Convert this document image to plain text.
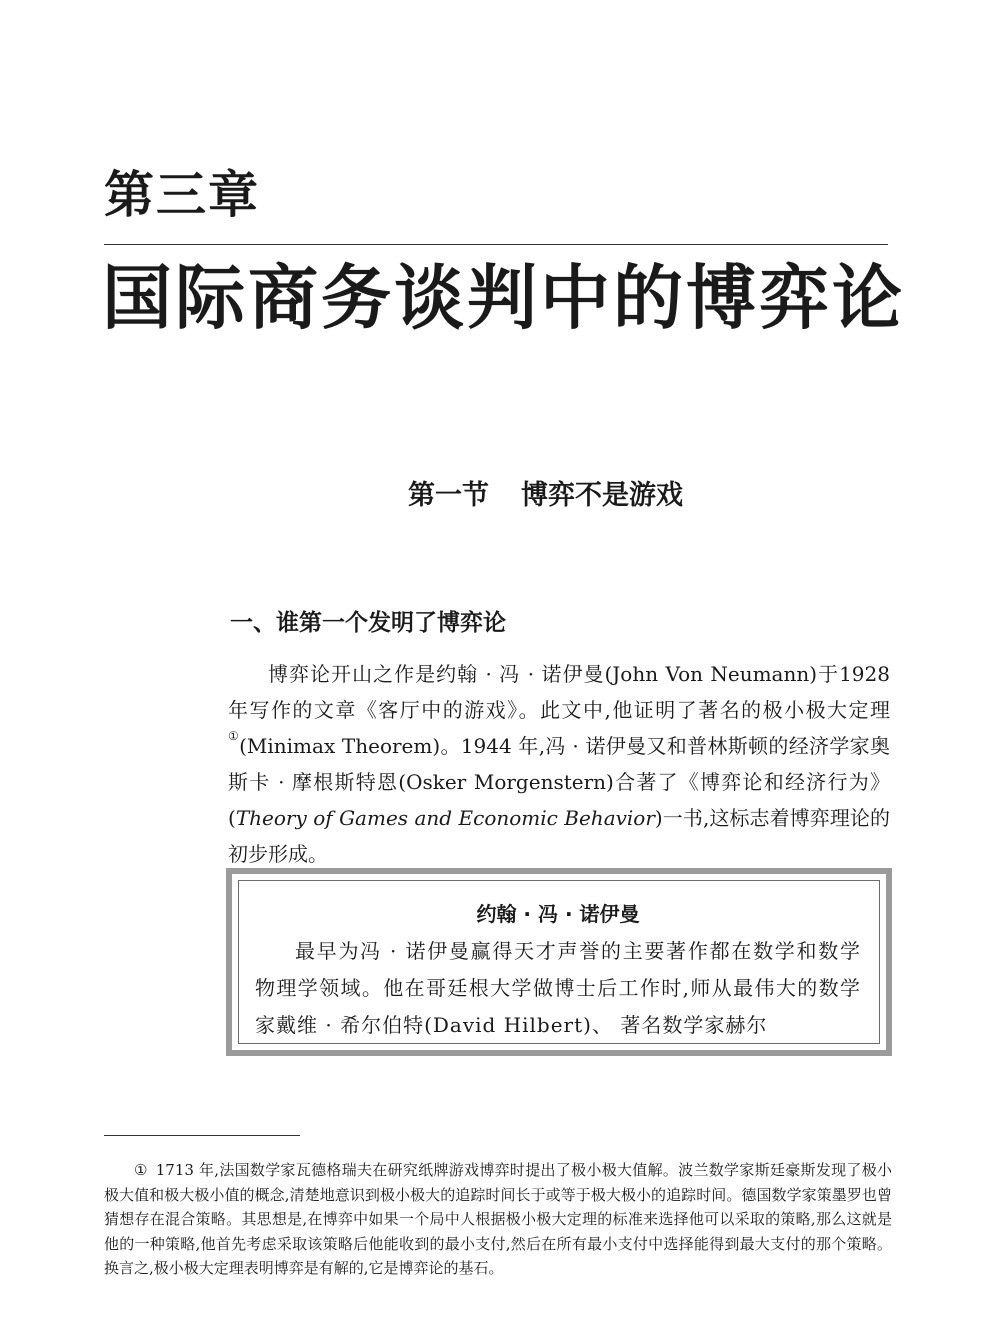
第三章
国际商务谈判中的博弈论
第一节 博弈不是游戏
一、谁第一个发明了博弈论

博弈论开山之作是约翰 · 冯 · 诺伊曼(John Von Neumann)于1928 年写作的文章《客厅中的游戏》。此文中,他证明了著名的极小极大定理①(Minimax Theorem)。1944 年,冯 · 诺伊曼又和普林斯顿的经济学家奥斯卡 · 摩根斯特恩(Osker Morgenstern)合著了《博弈论和经济行为》(Theory of Games and Economic Behavior)一书,这标志着博弈理论的初步形成。

约翰 · 冯 · 诺伊曼

最早为冯 · 诺伊曼赢得天才声誉的主要著作都在数学和数学物理学领域。他在哥廷根大学做博士后工作时,师从最伟大的数学家戴维 · 希尔伯特(David Hilbert)、 著名数学家赫尔

① 1713 年,法国数学家瓦德格瑞夫在研究纸牌游戏博弈时提出了极小极大值解。波兰数学家斯廷豪斯发现了极小极大值和极大极小值的概念,清楚地意识到极小极大的追踪时间长于或等于极大极小的追踪时间。德国数学家策墨罗也曾猜想存在混合策略。其思想是,在博弈中如果一个局中人根据极小极大定理的标准来选择他可以采取的策略,那么这就是他的一种策略,他首先考虑采取该策略后他能收到的最小支付,然后在所有最小支付中选择能得到最大支付的那个策略。换言之,极小极大定理表明博弈是有解的,它是博弈论的基石。
